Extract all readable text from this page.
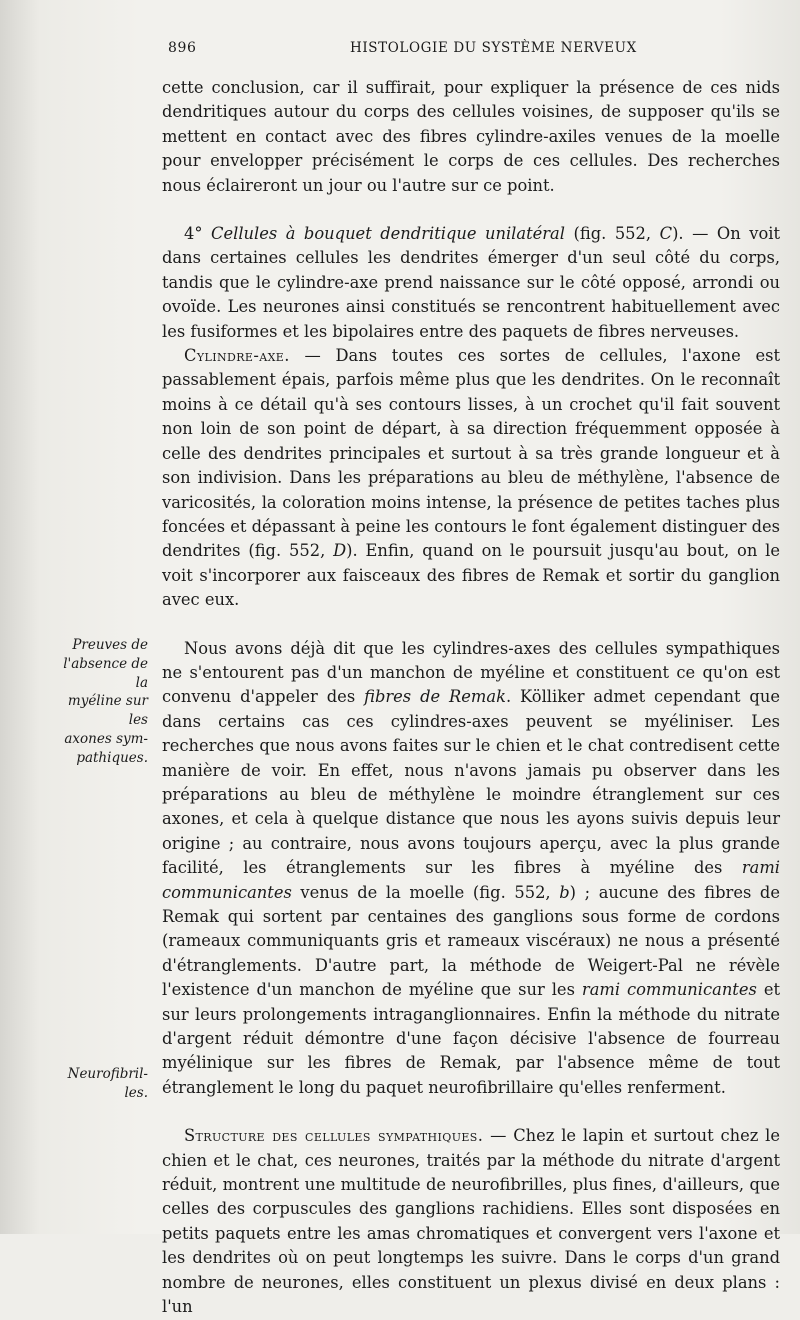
896	HISTOLOGIE DU SYSTÈME NERVEUX
Preuves de
l'absence de la
myéline sur les
axones sym-
pathiques.
Neurofibril-
les.

cette conclusion, car il suffirait, pour expliquer la présence de ces nids dendritiques autour du corps des cellules voisines, de supposer qu'ils se mettent en contact avec des fibres cylindre-axiles venues de la moelle pour envelopper précisément le corps de ces cellules. Des recherches nous éclaireront un jour ou l'autre sur ce point.

4° Cellules à bouquet dendritique unilatéral (fig. 552, C). — On voit dans certaines cellules les dendrites émerger d'un seul côté du corps, tandis que le cylindre-axe prend naissance sur le côté opposé, arrondi ou ovoïde. Les neurones ainsi constitués se rencontrent habituellement avec les fusiformes et les bipolaires entre des paquets de fibres nerveuses.

Cylindre-axe. — Dans toutes ces sortes de cellules, l'axone est passablement épais, parfois même plus que les dendrites. On le reconnaît moins à ce détail qu'à ses contours lisses, à un crochet qu'il fait souvent non loin de son point de départ, à sa direction fréquemment opposée à celle des dendrites principales et surtout à sa très grande longueur et à son indivision. Dans les préparations au bleu de méthylène, l'absence de varicosités, la coloration moins intense, la présence de petites taches plus foncées et dépassant à peine les contours le font également distinguer des dendrites (fig. 552, D). Enfin, quand on le poursuit jusqu'au bout, on le voit s'incorporer aux faisceaux des fibres de Remak et sortir du ganglion avec eux.

Nous avons déjà dit que les cylindres-axes des cellules sympathiques ne s'entourent pas d'un manchon de myéline et constituent ce qu'on est convenu d'appeler des fibres de Remak. Kölliker admet cependant que dans certains cas ces cylindres-axes peuvent se myéliniser. Les recherches que nous avons faites sur le chien et le chat contredisent cette manière de voir. En effet, nous n'avons jamais pu observer dans les préparations au bleu de méthylène le moindre étranglement sur ces axones, et cela à quelque distance que nous les ayons suivis depuis leur origine ; au contraire, nous avons toujours aperçu, avec la plus grande facilité, les étranglements sur les fibres à myéline des rami communicantes venus de la moelle (fig. 552, b) ; aucune des fibres de Remak qui sortent par centaines des ganglions sous forme de cordons (rameaux communiquants gris et rameaux viscéraux) ne nous a présenté d'étranglements. D'autre part, la méthode de Weigert-Pal ne révèle l'existence d'un manchon de myéline que sur les rami communicantes et sur leurs prolongements intraganglionnaires. Enfin la méthode du nitrate d'argent réduit démontre d'une façon décisive l'absence de fourreau myélinique sur les fibres de Remak, par l'absence même de tout étranglement le long du paquet neurofibrillaire qu'elles renferment.

Structure des cellules sympathiques. — Chez le lapin et surtout chez le chien et le chat, ces neurones, traités par la méthode du nitrate d'argent réduit, montrent une multitude de neurofibrilles, plus fines, d'ailleurs, que celles des corpuscules des ganglions rachidiens. Elles sont disposées en petits paquets entre les amas chromatiques et convergent vers l'axone et les dendrites où on peut longtemps les suivre. Dans le corps d'un grand nombre de neurones, elles constituent un plexus divisé en deux plans : l'un
